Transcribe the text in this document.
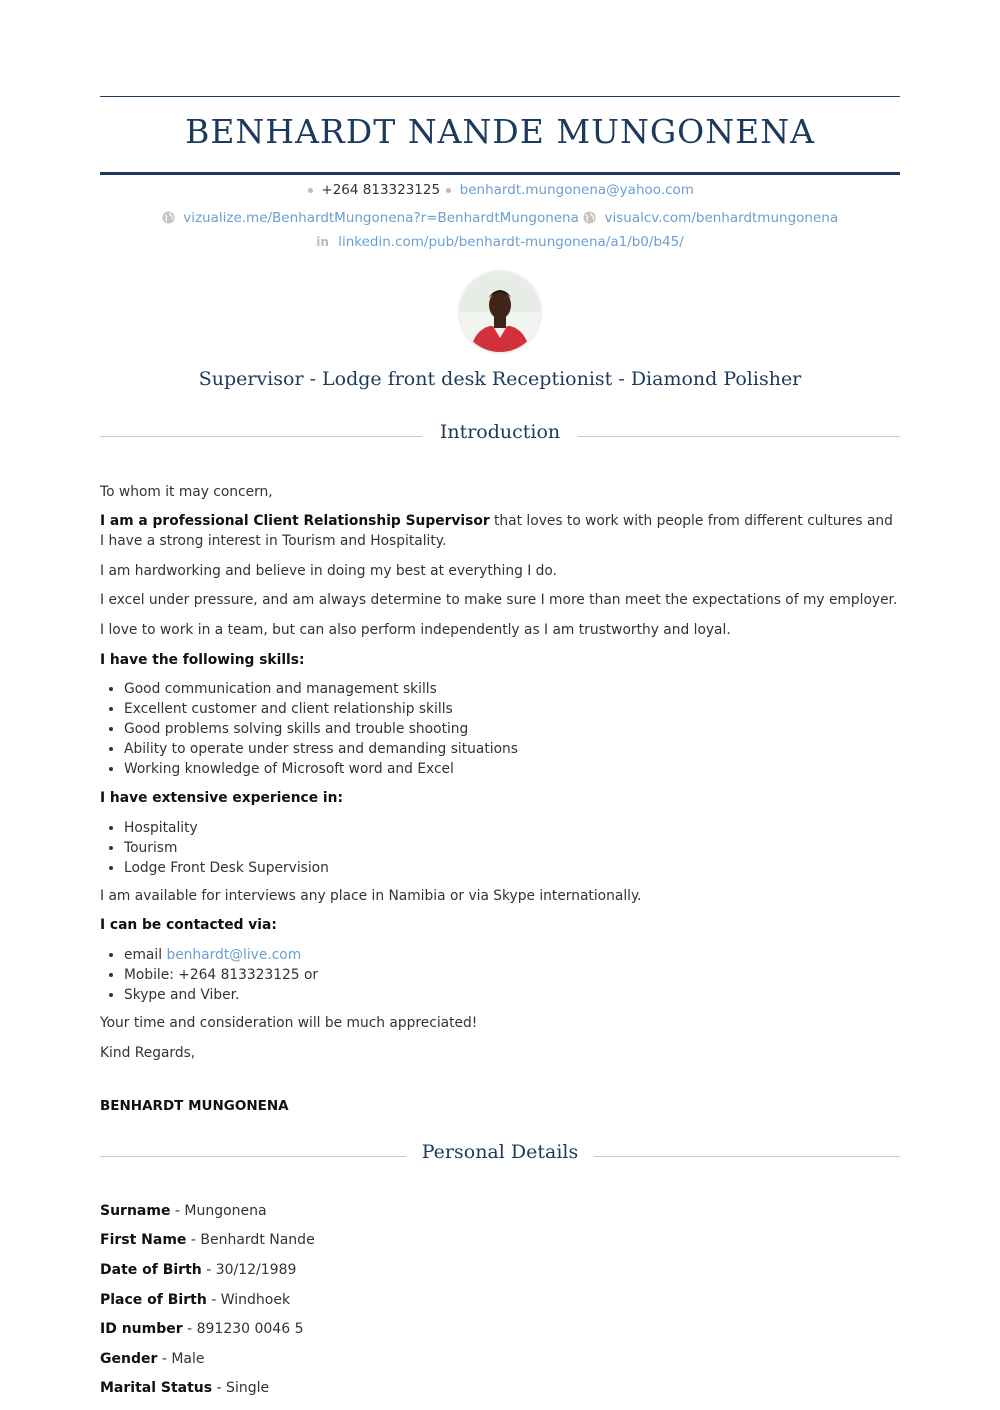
BENHARDT NANDE MUNGONENA
+264 813323125 benhardt.mungonena@yahoo.com
vizualize.me/BenhardtMungonena?r=BenhardtMungonena visualcv.com/benhardtmungonena
in linkedin.com/pub/benhardt-mungonena/a1/b0/b45/
Supervisor - Lodge front desk Receptionist - Diamond Polisher
Introduction

To whom it may concern,

I am a professional Client Relationship Supervisor that loves to work with people from different cultures and I have a strong interest in Tourism and Hospitality.

I am hardworking and believe in doing my best at everything I do.

I excel under pressure, and am always determine to make sure I more than meet the expectations of my employer.

I love to work in a team, but can also perform independently as I am trustworthy and loyal.

I have the following skills:

• Good communication and management skills
• Excellent customer and client relationship skills
• Good problems solving skills and trouble shooting
• Ability to operate under stress and demanding situations
• Working knowledge of Microsoft word and Excel

I have extensive experience in:

• Hospitality
• Tourism
• Lodge Front Desk Supervision

I am available for interviews any place in Namibia or via Skype internationally.

I can be contacted via:

• email benhardt@live.com
• Mobile: +264 813323125 or
• Skype and Viber.

Your time and consideration will be much appreciated!

Kind Regards,

BENHARDT MUNGONENA
Personal Details
Surname - Mungonena
First Name - Benhardt Nande
Date of Birth - 30/12/1989
Place of Birth - Windhoek
ID number - 891230 0046 5
Gender - Male
Marital Status - Single
